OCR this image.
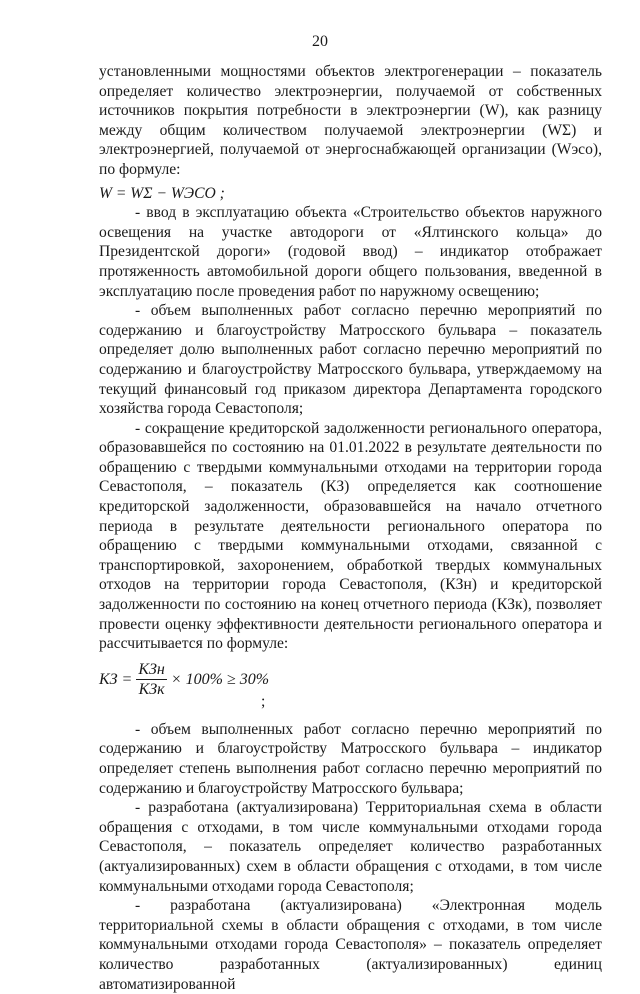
20

установленными мощностями объектов электрогенерации – показатель определяет количество электроэнергии, получаемой от собственных источников покрытия потребности в электроэнергии (W), как разницу между общим количеством получаемой электроэнергии (WΣ) и электроэнергией, получаемой от энергоснабжающей организации (Wэсо), по формуле:

W = WΣ − WЭСО ;

- ввод в эксплуатацию объекта «Строительство объектов наружного освещения на участке автодороги от «Ялтинского кольца» до Президентской дороги» (годовой ввод) – индикатор отображает протяженность автомобильной дороги общего пользования, введенной в эксплуатацию после проведения работ по наружному освещению;

- объем выполненных работ согласно перечню мероприятий по содержанию и благоустройству Матросского бульвара – показатель определяет долю выполненных работ согласно перечню мероприятий по содержанию и благоустройству Матросского бульвара, утверждаемому на текущий финансовый год приказом директора Департамента городского хозяйства города Севастополя;

- сокращение кредиторской задолженности регионального оператора, образовавшейся по состоянию на 01.01.2022 в результате деятельности по обращению с твердыми коммунальными отходами на территории города Севастополя, – показатель (КЗ) определяется как соотношение кредиторской задолженности, образовавшейся на начало отчетного периода в результате деятельности регионального оператора по обращению с твердыми коммунальными отходами, связанной с транспортировкой, захоронением, обработкой твердых коммунальных отходов на территории города Севастополя, (КЗн) и кредиторской задолженности по состоянию на конец отчетного периода (КЗк), позволяет провести оценку эффективности деятельности регионального оператора и рассчитывается по формуле:

КЗ = $\frac{\text{КЗн}}{\text{КЗк}} \times 100\% \ge 30\%$
;

- объем выполненных работ согласно перечню мероприятий по содержанию и благоустройству Матросского бульвара – индикатор определяет степень выполнения работ согласно перечню мероприятий по содержанию и благоустройству Матросского бульвара;

- разработана (актуализирована) Территориальная схема в области обращения с отходами, в том числе коммунальными отходами города Севастополя, – показатель определяет количество разработанных (актуализированных) схем в области обращения с отходами, в том числе коммунальными отходами города Севастополя;

- разработана (актуализирована) «Электронная модель территориальной схемы в области обращения с отходами, в том числе коммунальными отходами города Севастополя» – показатель определяет количество разработанных (актуализированных) единиц автоматизированной
